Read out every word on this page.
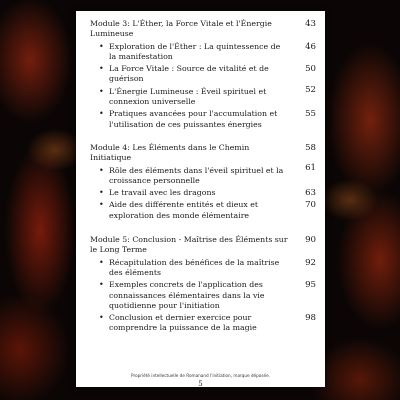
Module 3: L'Éther, la Force Vitale et l'Énergie Lumineuse
43
• Exploration de l'Éther : La quintessence de la manifestation
46
• La Force Vitale : Source de vitalité et de guérison
50
• L'Énergie Lumineuse : Éveil spirituel et connexion universelle
52
• Pratiques avancées pour l'accumulation et l'utilisation de ces puissantes énergies
55
Module 4: Les Éléments dans le Chemin Initiatique
58
• Rôle des éléments dans l'éveil spirituel et la croissance personnelle
61
• Le travail avec les dragons	63
• Aide des différente entités et dieux et exploration des monde élémentaire
70
Module 5: Conclusion - Maîtrise des Éléments sur le Long Terme
90
• Récapitulation des bénéfices de la maîtrise des éléments
92
• Exemples concrets de l'application des connaissances élémentaires dans la vie quotidienne pour l'initiation
95
• Conclusion et dernier exercice pour comprendre la puissance de la magie
98
Propriété intellectuelle de Romanand l'initiation, marque déposée.
5
